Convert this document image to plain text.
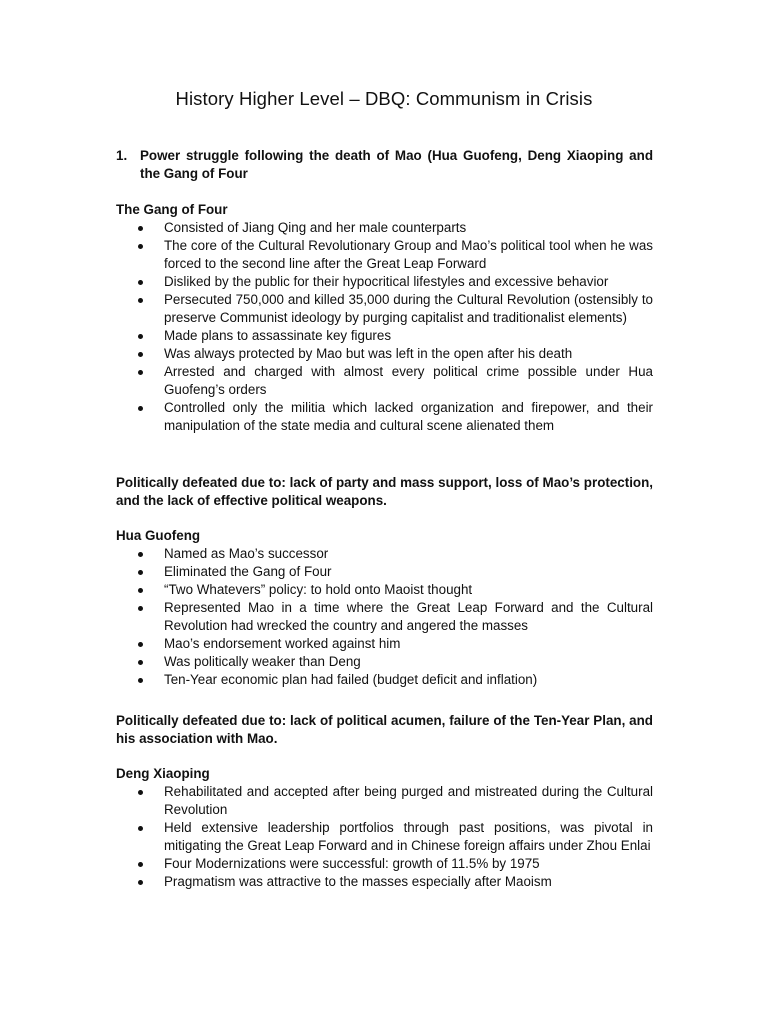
History Higher Level – DBQ: Communism in Crisis
1. Power struggle following the death of Mao (Hua Guofeng, Deng Xiaoping and the Gang of Four
The Gang of Four
Consisted of Jiang Qing and her male counterparts
The core of the Cultural Revolutionary Group and Mao’s political tool when he was forced to the second line after the Great Leap Forward
Disliked by the public for their hypocritical lifestyles and excessive behavior
Persecuted 750,000 and killed 35,000 during the Cultural Revolution (ostensibly to preserve Communist ideology by purging capitalist and traditionalist elements)
Made plans to assassinate key figures
Was always protected by Mao but was left in the open after his death
Arrested and charged with almost every political crime possible under Hua Guofeng’s orders
Controlled only the militia which lacked organization and firepower, and their manipulation of the state media and cultural scene alienated them
Politically defeated due to: lack of party and mass support, loss of Mao’s protection, and the lack of effective political weapons.
Hua Guofeng
Named as Mao’s successor
Eliminated the Gang of Four
“Two Whatevers” policy: to hold onto Maoist thought
Represented Mao in a time where the Great Leap Forward and the Cultural Revolution had wrecked the country and angered the masses
Mao’s endorsement worked against him
Was politically weaker than Deng
Ten-Year economic plan had failed (budget deficit and inflation)
Politically defeated due to: lack of political acumen, failure of the Ten-Year Plan, and his association with Mao.
Deng Xiaoping
Rehabilitated and accepted after being purged and mistreated during the Cultural Revolution
Held extensive leadership portfolios through past positions, was pivotal in mitigating the Great Leap Forward and in Chinese foreign affairs under Zhou Enlai
Four Modernizations were successful: growth of 11.5% by 1975
Pragmatism was attractive to the masses especially after Maoism
